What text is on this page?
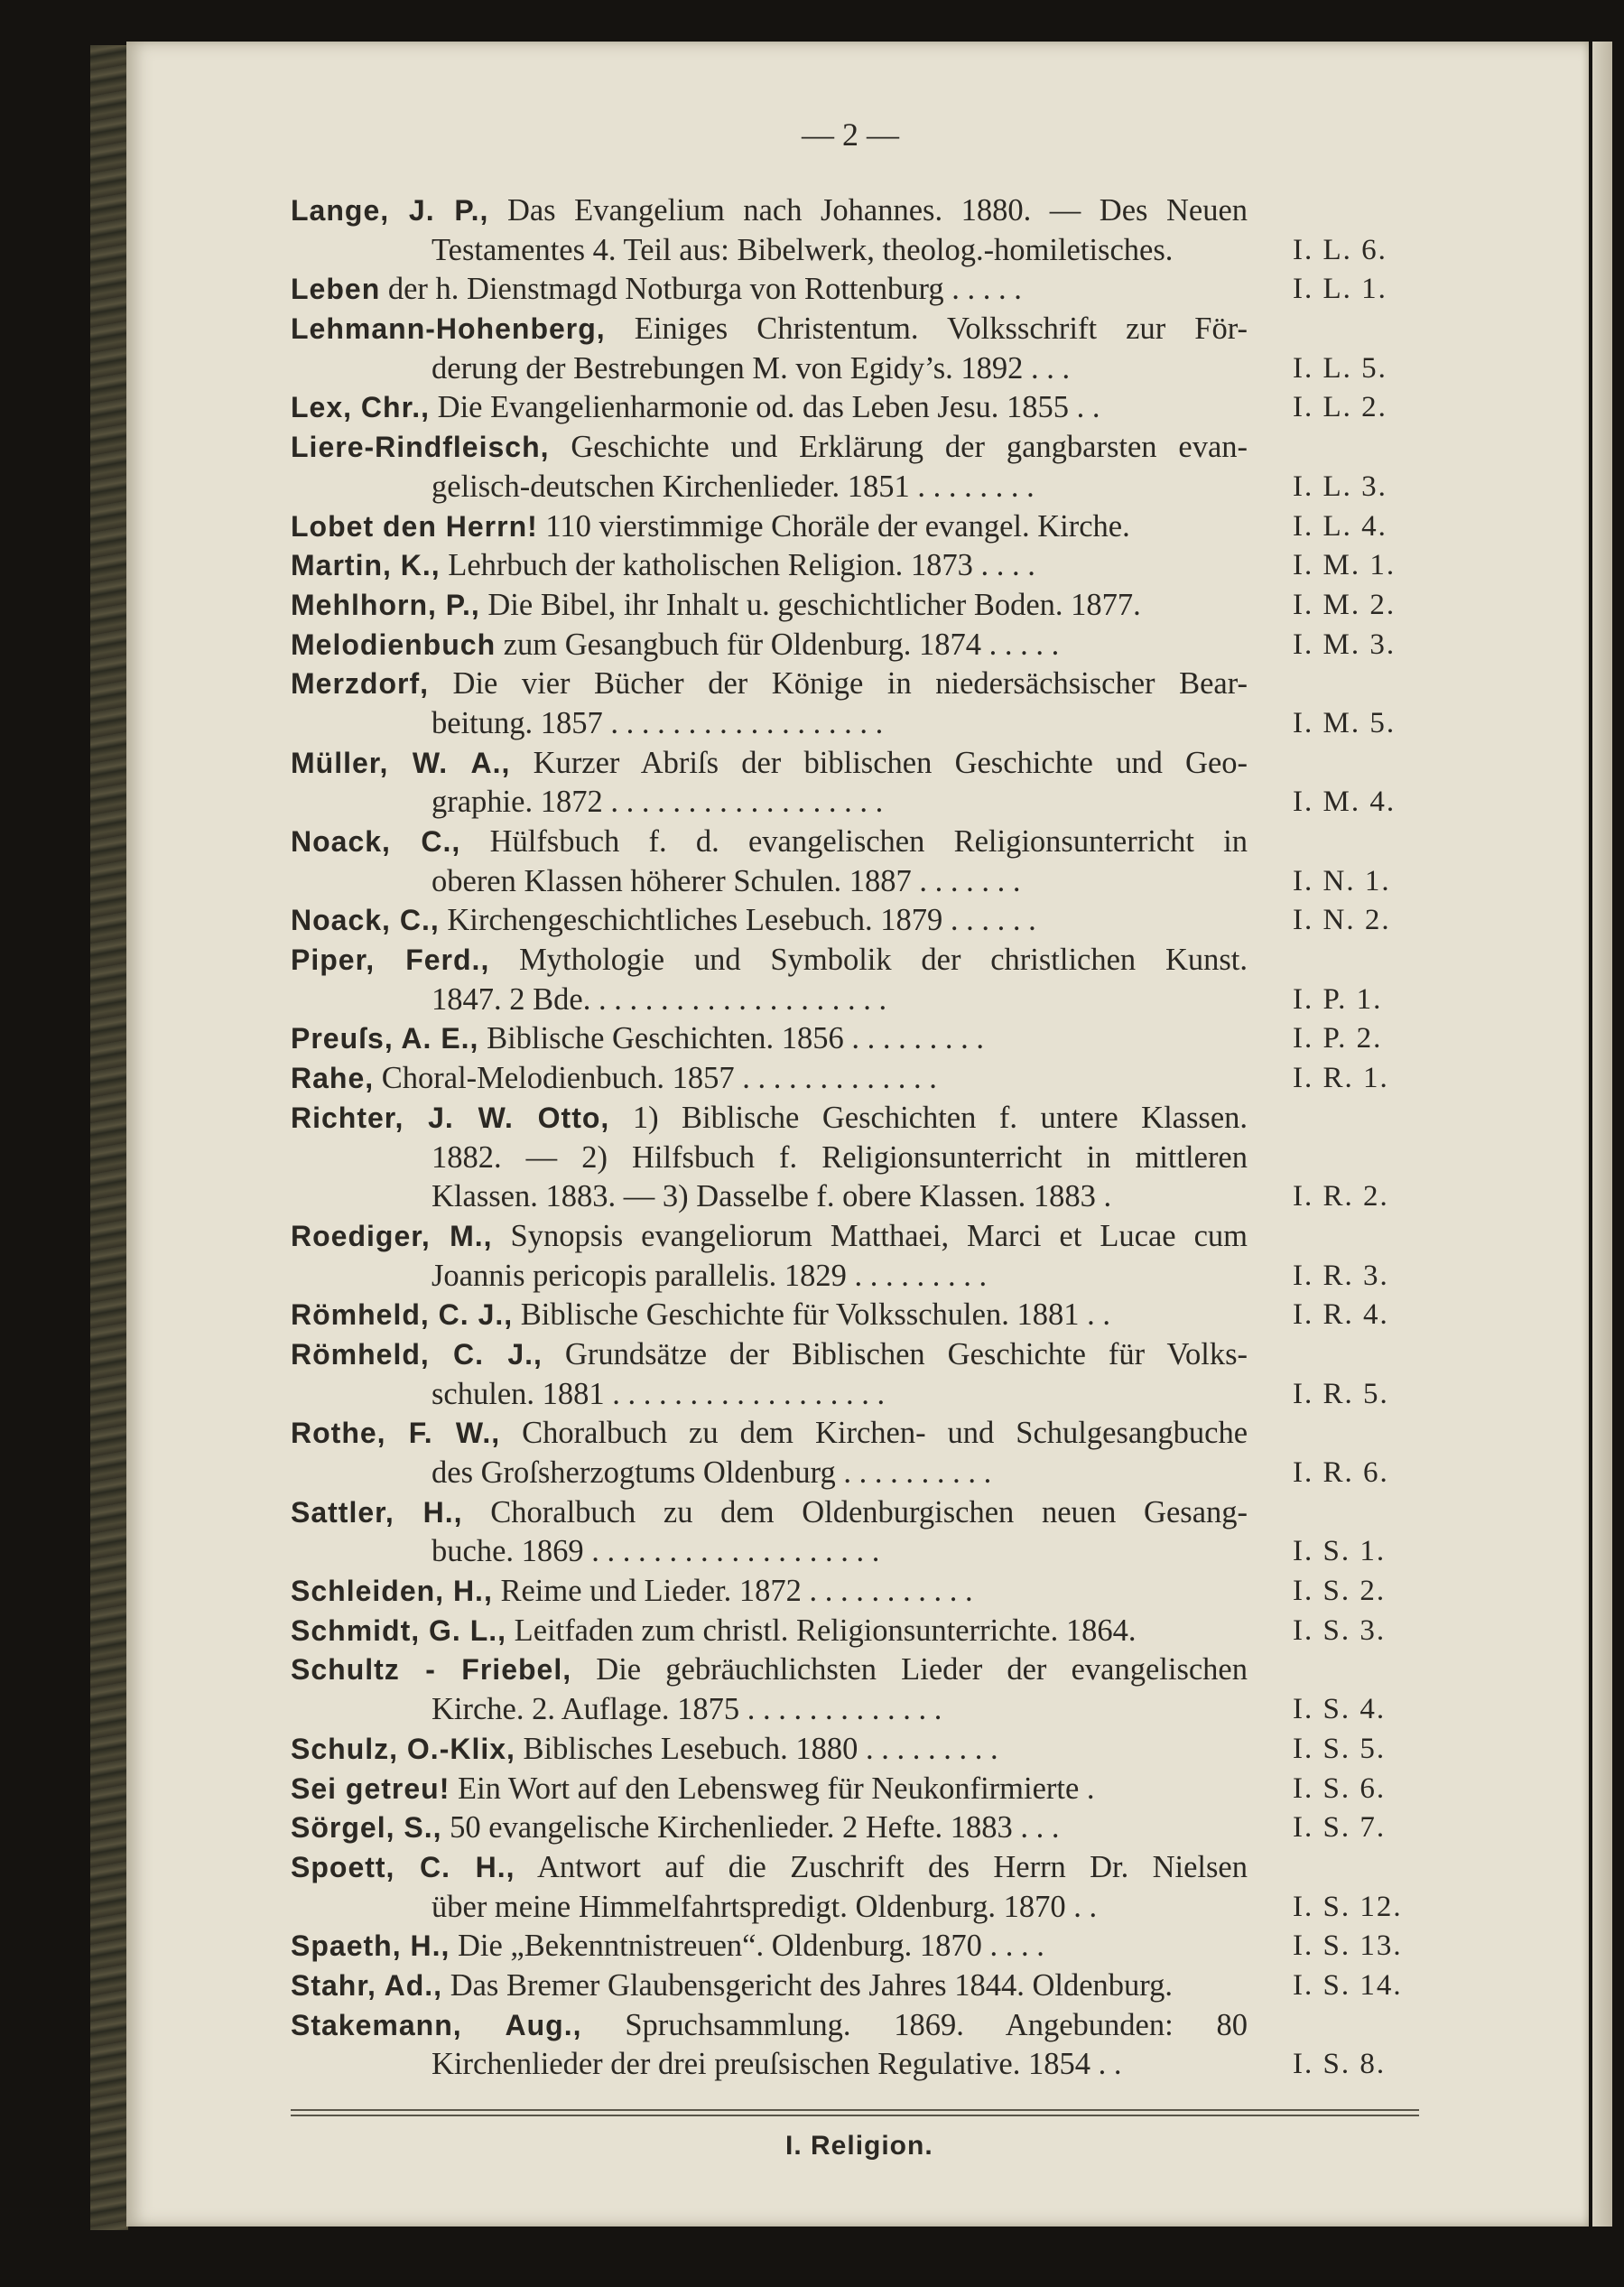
— 2 —
Lange, J. P., Das Evangelium nach Johannes. 1880. — Des Neuen
Testamentes 4. Teil aus: Bibelwerk, theolog.-homiletisches.	I. L. 6.
Leben der h. Dienstmagd Notburga von Rottenburg . . . . .	I. L. 1.
Lehmann-Hohenberg, Einiges Christentum. Volksschrift zur För-
derung der Bestrebungen M. von Egidy’s. 1892 . . .	I. L. 5.
Lex, Chr., Die Evangelienharmonie od. das Leben Jesu. 1855 . .	I. L. 2.
Liere-Rindfleisch, Geschichte und Erklärung der gangbarsten evan-
gelisch-deutschen Kirchenlieder. 1851 . . . . . . . .	I. L. 3.
Lobet den Herrn! 110 vierstimmige Choräle der evangel. Kirche.	I. L. 4.
Martin, K., Lehrbuch der katholischen Religion. 1873 . . . .	I. M. 1.
Mehlhorn, P., Die Bibel, ihr Inhalt u. geschichtlicher Boden. 1877.	I. M. 2.
Melodienbuch zum Gesangbuch für Oldenburg. 1874 . . . . .	I. M. 3.
Merzdorf, Die vier Bücher der Könige in niedersächsischer Bear-
beitung. 1857 . . . . . . . . . . . . . . . . . .	I. M. 5.
Müller, W. A., Kurzer Abriſs der biblischen Geschichte und Geo-
graphie. 1872 . . . . . . . . . . . . . . . . . .	I. M. 4.
Noack, C., Hülfsbuch f. d. evangelischen Religionsunterricht in
oberen Klassen höherer Schulen. 1887 . . . . . . .	I. N. 1.
Noack, C., Kirchengeschichtliches Lesebuch. 1879 . . . . . .	I. N. 2.
Piper, Ferd., Mythologie und Symbolik der christlichen Kunst.
1847. 2 Bde. . . . . . . . . . . . . . . . . . . .	I. P. 1.
Preuſs, A. E., Biblische Geschichten. 1856 . . . . . . . . .	I. P. 2.
Rahe, Choral-Melodienbuch. 1857 . . . . . . . . . . . . .	I. R. 1.
Richter, J. W. Otto, 1) Biblische Geschichten f. untere Klassen.
1882. — 2) Hilfsbuch f. Religionsunterricht in mittleren
Klassen. 1883. — 3) Dasselbe f. obere Klassen. 1883 .	I. R. 2.
Roediger, M., Synopsis evangeliorum Matthaei, Marci et Lucae cum
Joannis pericopis parallelis. 1829 . . . . . . . . .	I. R. 3.
Römheld, C. J., Biblische Geschichte für Volksschulen. 1881 . .	I. R. 4.
Römheld, C. J., Grundsätze der Biblischen Geschichte für Volks-
schulen. 1881 . . . . . . . . . . . . . . . . . .	I. R. 5.
Rothe, F. W., Choralbuch zu dem Kirchen- und Schulgesangbuche
des Groſsherzogtums Oldenburg . . . . . . . . . .	I. R. 6.
Sattler, H., Choralbuch zu dem Oldenburgischen neuen Gesang-
buche. 1869 . . . . . . . . . . . . . . . . . . .	I. S. 1.
Schleiden, H., Reime und Lieder. 1872 . . . . . . . . . . .	I. S. 2.
Schmidt, G. L., Leitfaden zum christl. Religionsunterrichte. 1864.	I. S. 3.
Schultz - Friebel, Die gebräuchlichsten Lieder der evangelischen
Kirche. 2. Auflage. 1875 . . . . . . . . . . . . .	I. S. 4.
Schulz, O.-Klix, Biblisches Lesebuch. 1880 . . . . . . . . .	I. S. 5.
Sei getreu! Ein Wort auf den Lebensweg für Neukonfirmierte .	I. S. 6.
Sörgel, S., 50 evangelische Kirchenlieder. 2 Hefte. 1883 . . .	I. S. 7.
Spoett, C. H., Antwort auf die Zuschrift des Herrn Dr. Nielsen
über meine Himmelfahrtspredigt. Oldenburg. 1870 . .	I. S. 12.
Spaeth, H., Die „Bekenntnistreuen“. Oldenburg. 1870 . . . .	I. S. 13.
Stahr, Ad., Das Bremer Glaubensgericht des Jahres 1844. Oldenburg.	I. S. 14.
Stakemann, Aug., Spruchsammlung. 1869. Angebunden: 80
Kirchenlieder der drei preuſsischen Regulative. 1854 . .	I. S. 8.
I. Religion.
